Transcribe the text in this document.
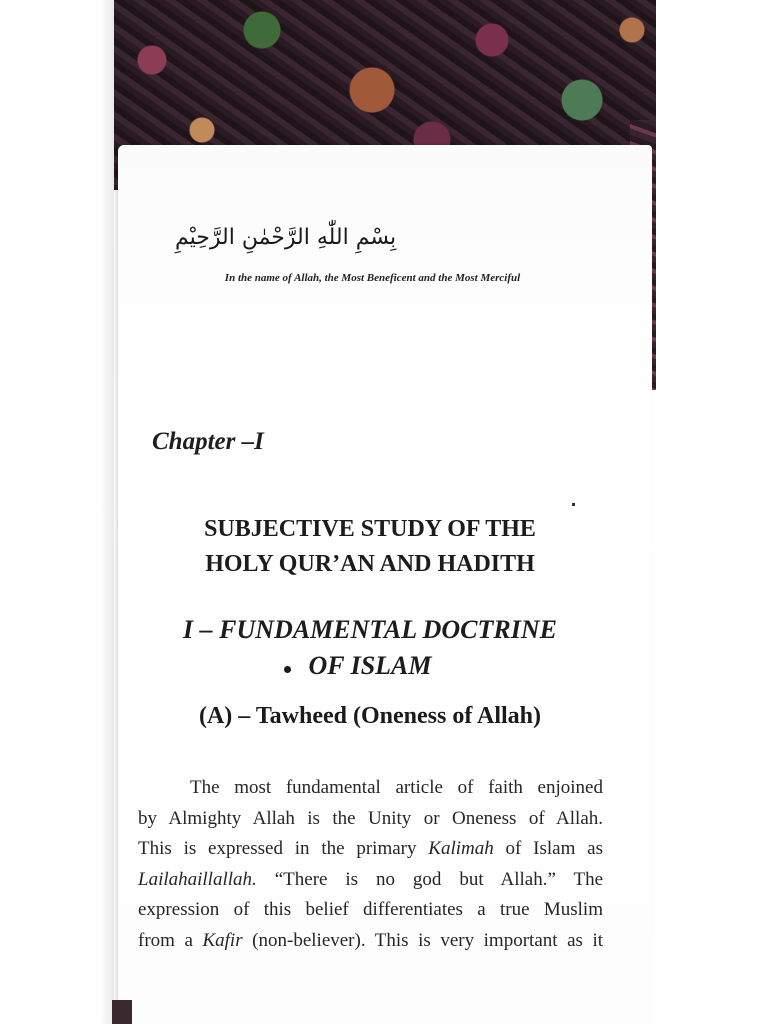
بِسْمِ اللّٰهِ الرَّحْمٰنِ الرَّحِيْمِ
In the name of Allah, the Most Beneficent and the Most Merciful
Chapter –I
SUBJECTIVE STUDY OF THE
HOLY QUR’AN AND HADITH
I – FUNDAMENTAL DOCTRINE
OF ISLAM
(A) – Tawheed (Oneness of Allah)
The most fundamental article of faith enjoined
by Almighty Allah is the Unity or Oneness of Allah.
This is expressed in the primary Kalimah of Islam as
Lailahaillallah. “There is no god but Allah.” The
expression of this belief differentiates a true Muslim
from a Kafir (non-believer). This is very important as it
